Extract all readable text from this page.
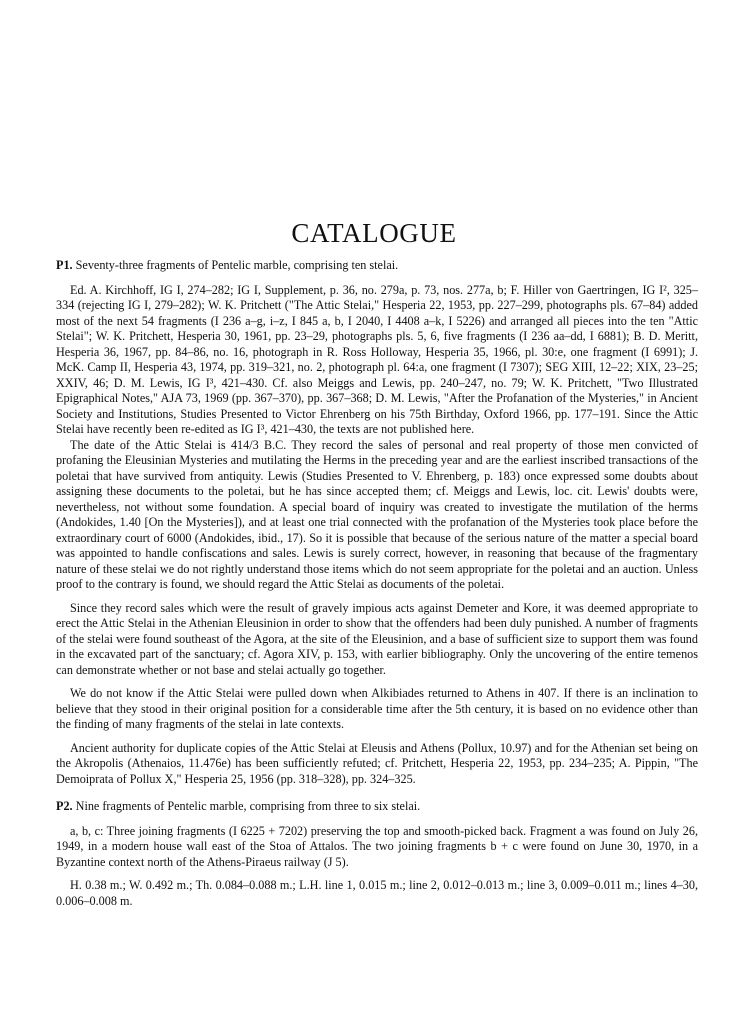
CATALOGUE

P1. Seventy-three fragments of Pentelic marble, comprising ten stelai.

Ed. A. Kirchhoff, IG I, 274–282; IG I, Supplement, p. 36, no. 279a, p. 73, nos. 277a, b; F. Hiller von Gaertringen, IG I², 325–334 (rejecting IG I, 279–282); W. K. Pritchett ("The Attic Stelai," Hesperia 22, 1953, pp. 227–299, photographs pls. 67–84) added most of the next 54 fragments (I 236 a–g, i–z, I 845 a, b, I 2040, I 4408 a–k, I 5226) and arranged all pieces into the ten "Attic Stelai"; W. K. Pritchett, Hesperia 30, 1961, pp. 23–29, photographs pls. 5, 6, five fragments (I 236 aa–dd, I 6881); B. D. Meritt, Hesperia 36, 1967, pp. 84–86, no. 16, photograph in R. Ross Holloway, Hesperia 35, 1966, pl. 30:e, one fragment (I 6991); J. McK. Camp II, Hesperia 43, 1974, pp. 319–321, no. 2, photograph pl. 64:a, one fragment (I 7307); SEG XIII, 12–22; XIX, 23–25; XXIV, 46; D. M. Lewis, IG I³, 421–430. Cf. also Meiggs and Lewis, pp. 240–247, no. 79; W. K. Pritchett, "Two Illustrated Epigraphical Notes," AJA 73, 1969 (pp. 367–370), pp. 367–368; D. M. Lewis, "After the Profanation of the Mysteries," in Ancient Society and Institutions, Studies Presented to Victor Ehrenberg on his 75th Birthday, Oxford 1966, pp. 177–191. Since the Attic Stelai have recently been re-edited as IG I³, 421–430, the texts are not published here.

The date of the Attic Stelai is 414/3 B.C. They record the sales of personal and real property of those men convicted of profaning the Eleusinian Mysteries and mutilating the Herms in the preceding year and are the earliest inscribed transactions of the poletai that have survived from antiquity. Lewis (Studies Presented to V. Ehrenberg, p. 183) once expressed some doubts about assigning these documents to the poletai, but he has since accepted them; cf. Meiggs and Lewis, loc. cit. Lewis' doubts were, nevertheless, not without some foundation. A special board of inquiry was created to investigate the mutilation of the herms (Andokides, 1.40 [On the Mysteries]), and at least one trial connected with the profanation of the Mysteries took place before the extraordinary court of 6000 (Andokides, ibid., 17). So it is possible that because of the serious nature of the matter a special board was appointed to handle confiscations and sales. Lewis is surely correct, however, in reasoning that because of the fragmentary nature of these stelai we do not rightly understand those items which do not seem appropriate for the poletai and an auction. Unless proof to the contrary is found, we should regard the Attic Stelai as documents of the poletai.

Since they record sales which were the result of gravely impious acts against Demeter and Kore, it was deemed appropriate to erect the Attic Stelai in the Athenian Eleusinion in order to show that the offenders had been duly punished. A number of fragments of the stelai were found southeast of the Agora, at the site of the Eleusinion, and a base of sufficient size to support them was found in the excavated part of the sanctuary; cf. Agora XIV, p. 153, with earlier bibliography. Only the uncovering of the entire temenos can demonstrate whether or not base and stelai actually go together.

We do not know if the Attic Stelai were pulled down when Alkibiades returned to Athens in 407. If there is an inclination to believe that they stood in their original position for a considerable time after the 5th century, it is based on no evidence other than the finding of many fragments of the stelai in late contexts.

Ancient authority for duplicate copies of the Attic Stelai at Eleusis and Athens (Pollux, 10.97) and for the Athenian set being on the Akropolis (Athenaios, 11.476e) has been sufficiently refuted; cf. Pritchett, Hesperia 22, 1953, pp. 234–235; A. Pippin, "The Demoiprata of Pollux X," Hesperia 25, 1956 (pp. 318–328), pp. 324–325.

P2. Nine fragments of Pentelic marble, comprising from three to six stelai.

a, b, c: Three joining fragments (I 6225 + 7202) preserving the top and smooth-picked back. Fragment a was found on July 26, 1949, in a modern house wall east of the Stoa of Attalos. The two joining fragments b + c were found on June 30, 1970, in a Byzantine context north of the Athens-Piraeus railway (J 5).

H. 0.38 m.; W. 0.492 m.; Th. 0.084–0.088 m.; L.H. line 1, 0.015 m.; line 2, 0.012–0.013 m.; line 3, 0.009–0.011 m.; lines 4–30, 0.006–0.008 m.
